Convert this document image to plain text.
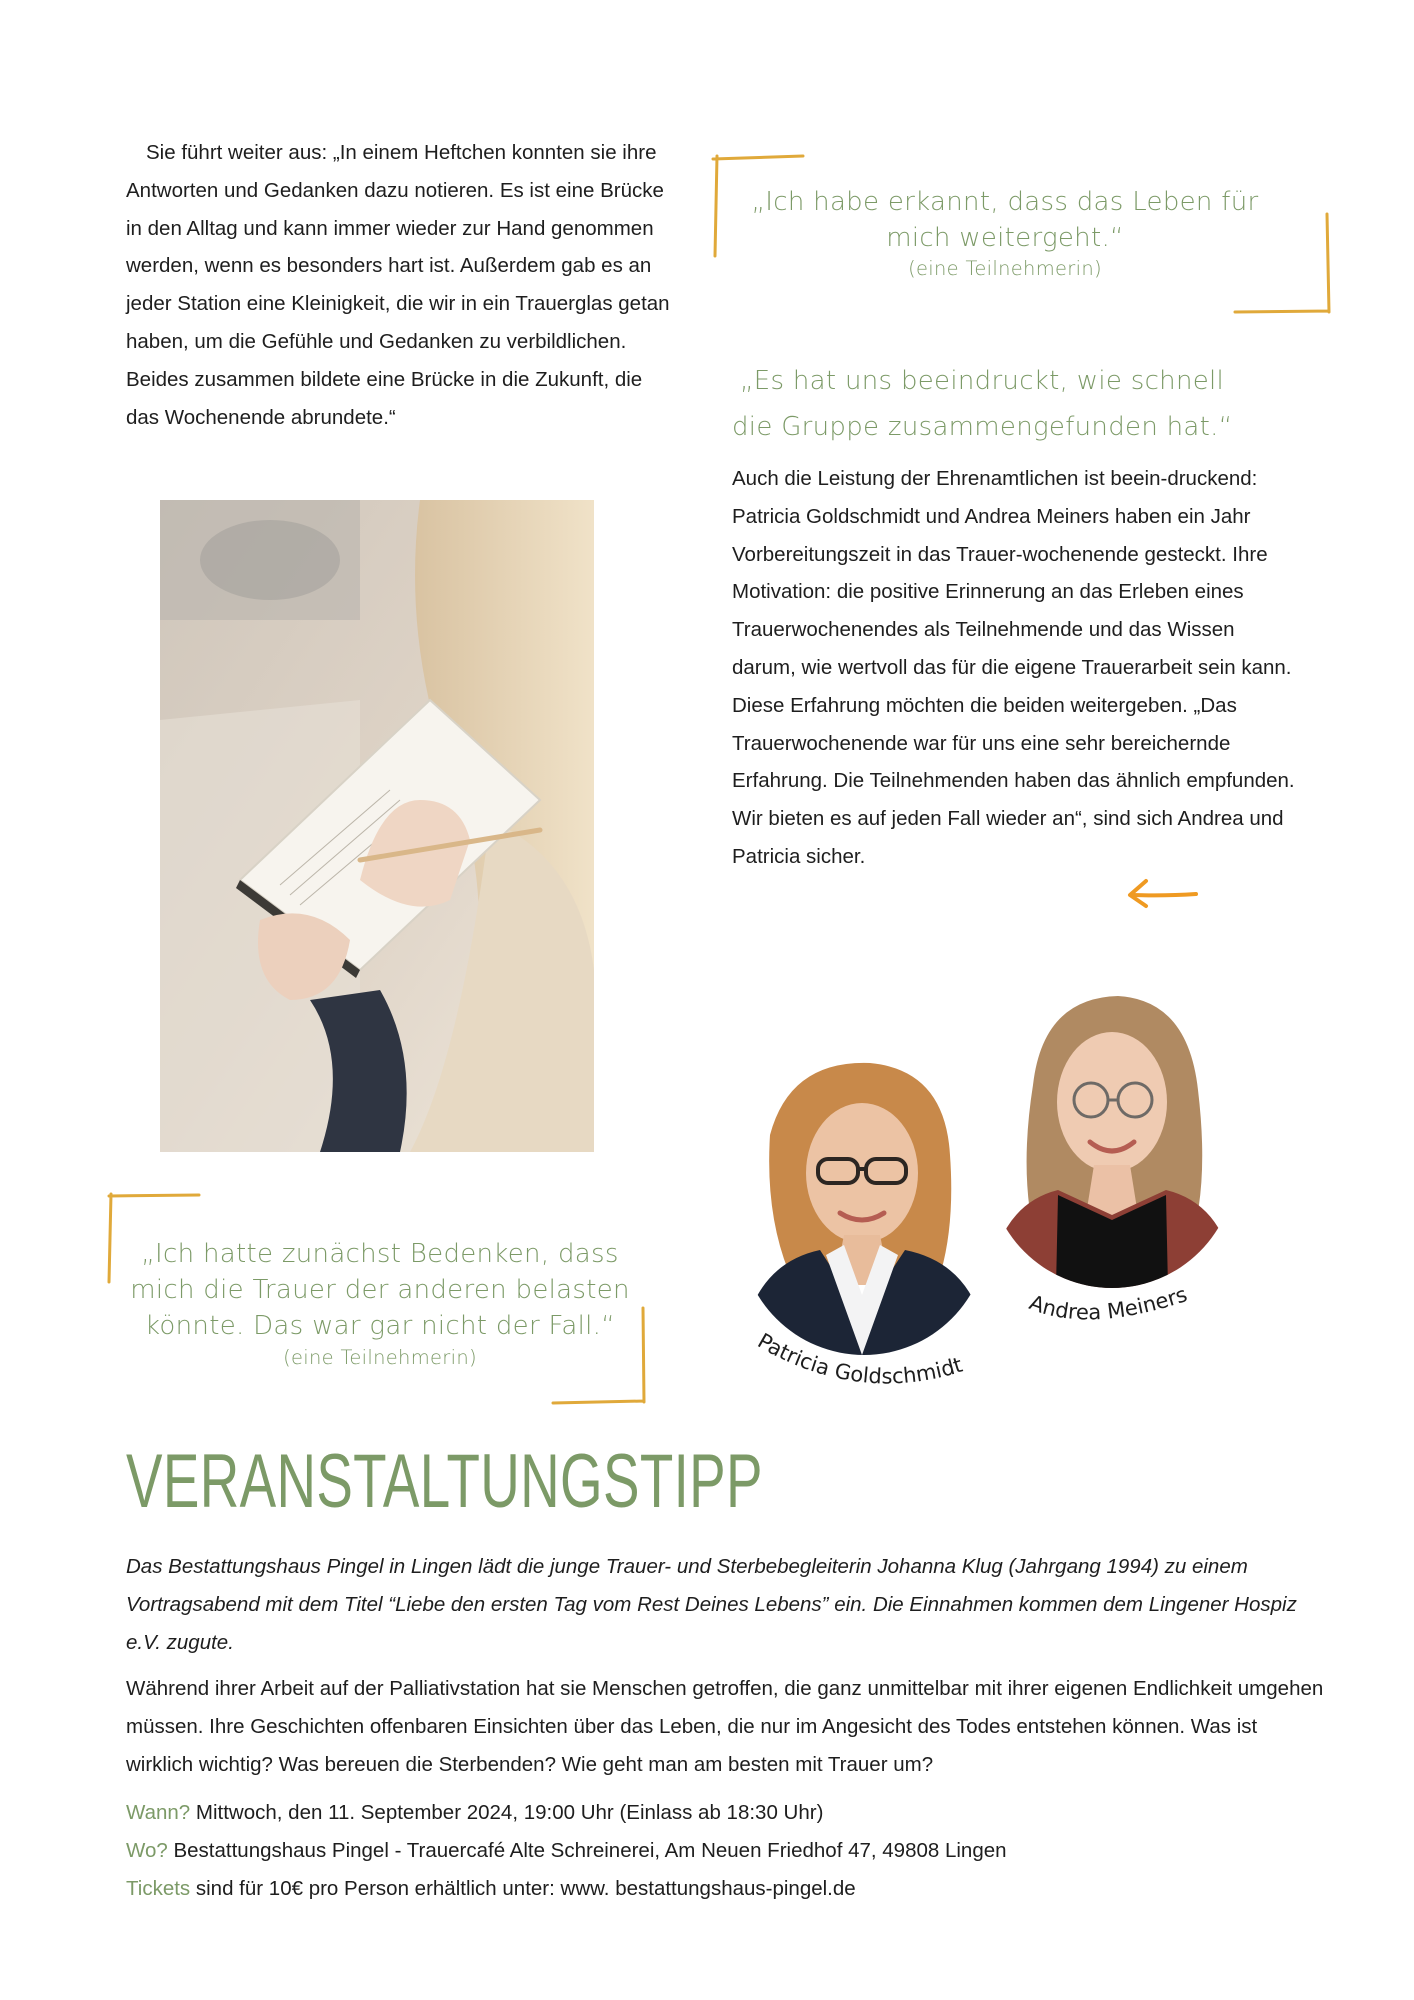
Sie führt weiter aus: „In einem Heftchen konnten sie ihre Antworten und Gedanken dazu notieren. Es ist eine Brücke in den Alltag und kann immer wieder zur Hand genommen werden, wenn es besonders hart ist. Außerdem gab es an jeder Station eine Kleinigkeit, die wir in ein Trauerglas getan haben, um die Gefühle und Gedanken zu verbildlichen. Beides zusammen bildete eine Brücke in die Zukunft, die das Wochenende abrundete.“

„Ich habe erkannt, dass das Leben für mich weitergeht.“
(eine Teilnehmerin)

„Es hat uns beeindruckt, wie schnell die Gruppe zusammengefunden hat.“

Auch die Leistung der Ehrenamtlichen ist beein-druckend: Patricia Goldschmidt und Andrea Meiners haben ein Jahr Vorbereitungszeit in das Trauer-wochenende gesteckt. Ihre Motivation: die positive Erinnerung an das Erleben eines Trauerwochenendes als Teilnehmende und das Wissen darum, wie wertvoll das für die eigene Trauerarbeit sein kann. Diese Erfahrung möchten die beiden weitergeben. „Das Trauerwochenende war für uns eine sehr bereichernde Erfahrung. Die Teilnehmenden haben das ähnlich empfunden. Wir bieten es auf jeden Fall wieder an“, sind sich Andrea und Patricia sicher.

„Ich hatte zunächst Bedenken, dass mich die Trauer der anderen belasten könnte. Das war gar nicht der Fall.“
(eine Teilnehmerin)
Patricia Goldschmidt
Andrea Meiners
VERANSTALTUNGSTIPP

Das Bestattungshaus Pingel in Lingen lädt die junge Trauer- und Sterbebegleiterin Johanna Klug (Jahrgang 1994) zu einem Vortragsabend mit dem Titel “Liebe den ersten Tag vom Rest Deines Lebens” ein. Die Einnahmen kommen dem Lingener Hospiz e.V. zugute.

Während ihrer Arbeit auf der Palliativstation hat sie Menschen getroffen, die ganz unmittelbar mit ihrer eigenen Endlichkeit umgehen müssen. Ihre Geschichten offenbaren Einsichten über das Leben, die nur im Angesicht des Todes entstehen können. Was ist wirklich wichtig? Was bereuen die Sterbenden? Wie geht man am besten mit Trauer um?

Wann? Mittwoch, den 11. September 2024, 19:00 Uhr (Einlass ab 18:30 Uhr)
Wo? Bestattungshaus Pingel - Trauercafé Alte Schreinerei, Am Neuen Friedhof 47, 49808 Lingen
Tickets sind für 10€ pro Person erhältlich unter: www. bestattungshaus-pingel.de
